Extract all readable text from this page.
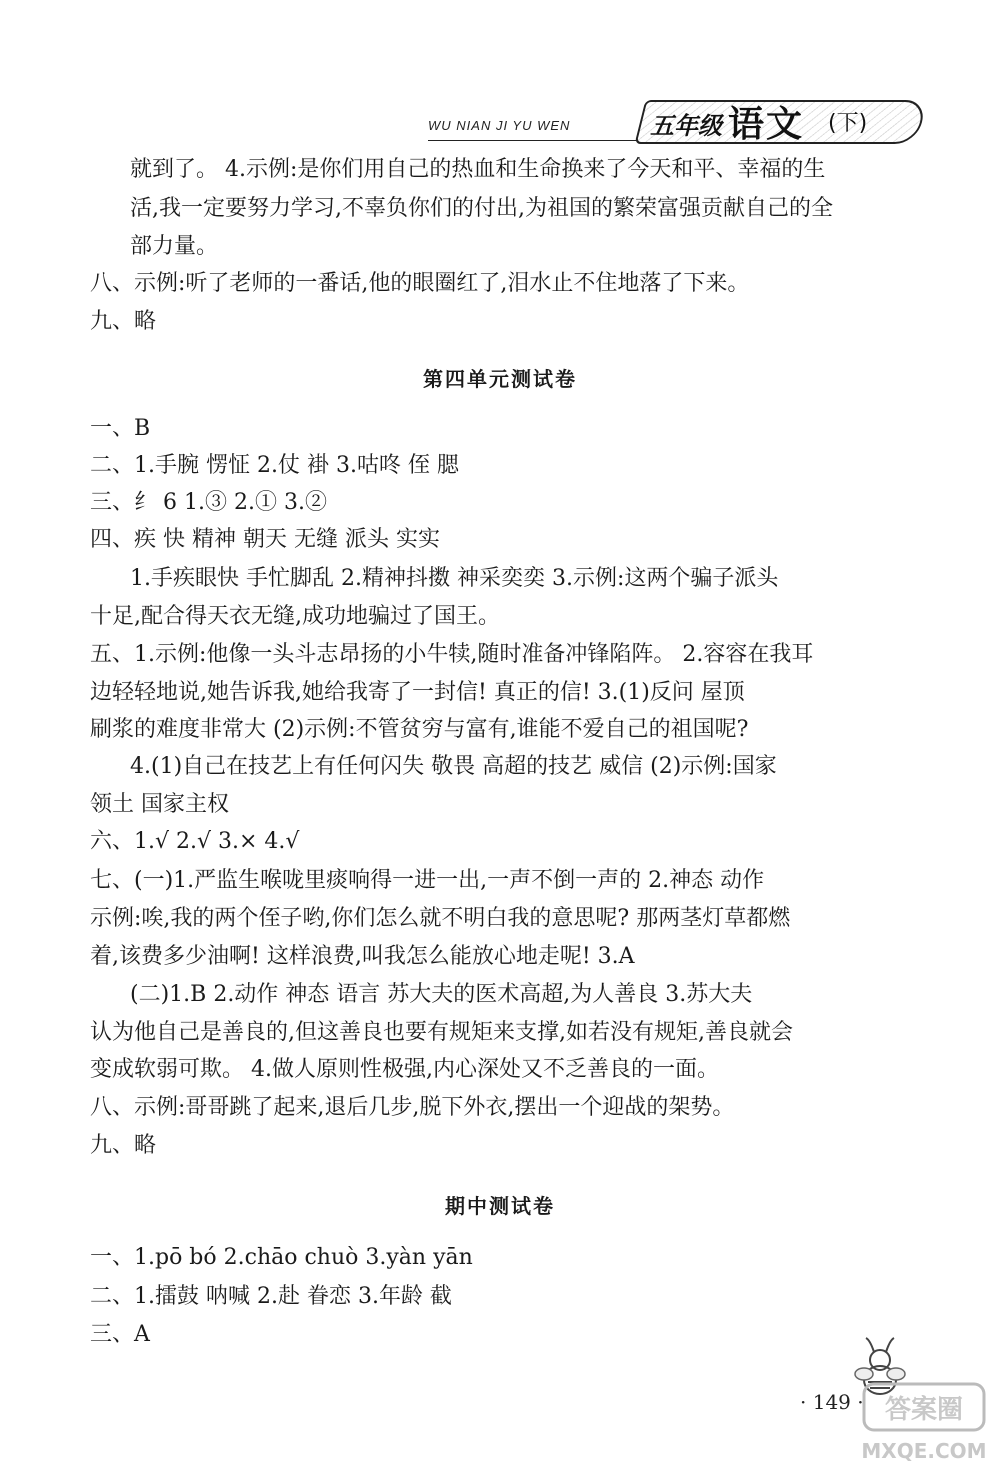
WU NIAN JI YU WEN	五年级 语文 (下)
就到了。 4.示例:是你们用自己的热血和生命换来了今天和平、幸福的生
活,我一定要努力学习,不辜负你们的付出,为祖国的繁荣富强贡献自己的全
部力量。
八、示例:听了老师的一番话,他的眼圈红了,泪水止不住地落了下来。
九、略
第四单元测试卷
一、B
二、1.手腕 愣怔 2.仗 褂 3.咕咚 侄 腮
三、纟 6 1.③ 2.① 3.②
四、疾 快 精神 朝天 无缝 派头 实实
1.手疾眼快 手忙脚乱 2.精神抖擞 神采奕奕 3.示例:这两个骗子派头
十足,配合得天衣无缝,成功地骗过了国王。
五、1.示例:他像一头斗志昂扬的小牛犊,随时准备冲锋陷阵。 2.容容在我耳
边轻轻地说,她告诉我,她给我寄了一封信! 真正的信! 3.(1)反问 屋顶
刷浆的难度非常大 (2)示例:不管贫穷与富有,谁能不爱自己的祖国呢?
4.(1)自己在技艺上有任何闪失 敬畏 高超的技艺 威信 (2)示例:国家
领土 国家主权
六、1.√ 2.√ 3.× 4.√
七、(一)1.严监生喉咙里痰响得一进一出,一声不倒一声的 2.神态 动作
示例:唉,我的两个侄子哟,你们怎么就不明白我的意思呢? 那两茎灯草都燃
着,该费多少油啊! 这样浪费,叫我怎么能放心地走呢! 3.A
(二)1.B 2.动作 神态 语言 苏大夫的医术高超,为人善良 3.苏大夫
认为他自己是善良的,但这善良也要有规矩来支撑,如若没有规矩,善良就会
变成软弱可欺。 4.做人原则性极强,内心深处又不乏善良的一面。
八、示例:哥哥跳了起来,退后几步,脱下外衣,摆出一个迎战的架势。
九、略
期中测试卷
一、1.pō bó 2.chāo chuò 3.yàn yān
二、1.擂鼓 呐喊 2.赴 眷恋 3.年龄 截
三、A
· 149 · 答案圈
MXQE.COM
